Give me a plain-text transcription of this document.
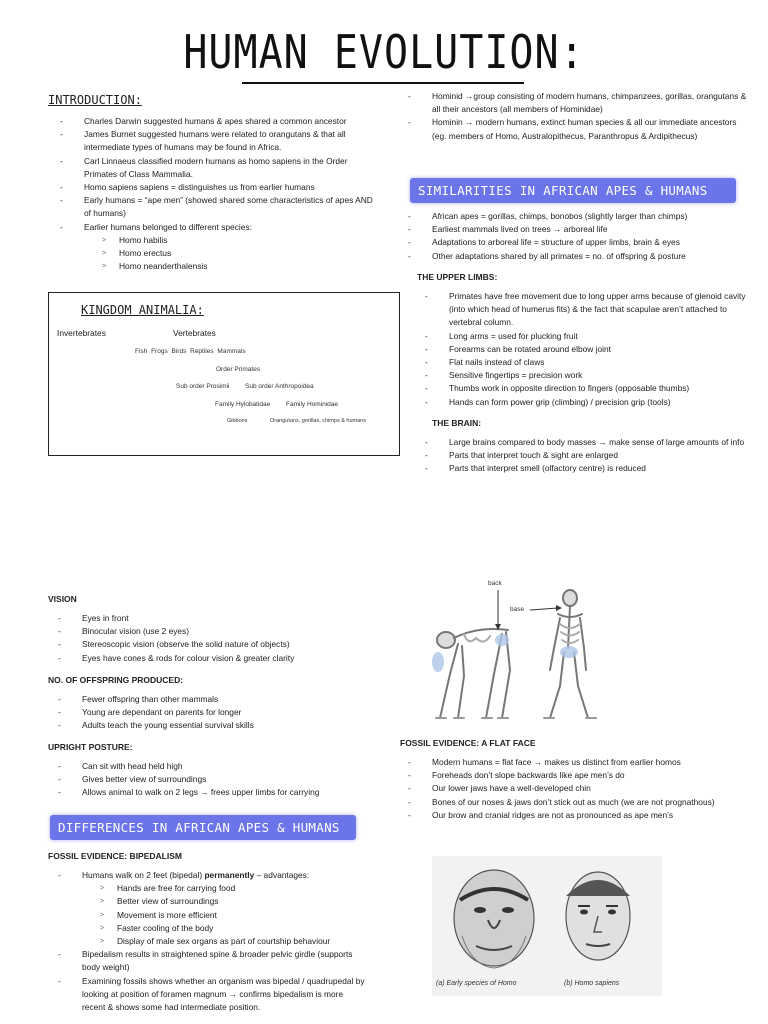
HUMAN EVOLUTION:
INTRODUCTION:
- Charles Darwin suggested humans & apes shared a common ancestor
- James Burnet suggested humans were related to orangutans & that all intermediate types of humans may be found in Africa.
- Carl Linnaeus classified modern humans as homo sapiens in the Order Primates of Class Mammalia.
- Homo sapiens sapiens = distinguishes us from earlier humans
- Early humans = “ape men” (showed shared some characteristics of apes AND of humans)
- Earlier humans belonged to different species:
> Homo habilis
> Homo erectus
> Homo neanderthalensis
KINGDOM ANIMALIA:
Invertebrates	Vertebrates
Fish Frogs Birds Reptiles Mammals
Order Primates
Sub order Prosimii Sub order Anthropoidea
Family Hylobatidae Family Hominidae
Gibbons	Orangutans, gorillas, chimps & humans
- Hominid →group consisting of modern humans, chimpanzees, gorillas, orangutans & all their ancestors (all members of Hominidae)
- Hominin → modern humans, extinct human species & all our immediate ancestors (eg. members of Homo, Australopithecus, Paranthropus & Ardipithecus)
SIMILARITIES IN AFRICAN APES & HUMANS
- African apes = gorillas, chimps, bonobos (slightly larger than chimps)
- Earliest mammals lived on trees → arboreal life
- Adaptations to arboreal life = structure of upper limbs, brain & eyes
- Other adaptations shared by all primates = no. of offspring & posture
THE UPPER LIMBS:
- Primates have free movement due to long upper arms because of glenoid cavity (into which head of humerus fits) & the fact that scapulae aren’t attached to vertebral column.
- Long arms = used for plucking fruit
- Forearms can be rotated around elbow joint
- Flat nails instead of claws
- Sensitive fingertips = precision work
- Thumbs work in opposite direction to fingers (opposable thumbs)
- Hands can form power grip (climbing) / precision grip (tools)
THE BRAIN:
- Large brains compared to body masses → make sense of large amounts of info
- Parts that interpret touch & sight are enlarged
- Parts that interpret smell (olfactory centre) is reduced
VISION
- Eyes in front
- Binocular vision (use 2 eyes)
- Stereoscopic vision (observe the solid nature of objects)
- Eyes have cones & rods for colour vision & greater clarity
NO. OF OFFSPRING PRODUCED:
- Fewer offspring than other mammals
- Young are dependant on parents for longer
- Adults teach the young essential survival skills
UPRIGHT POSTURE:
- Can sit with head held high
- Gives better view of surroundings
- Allows animal to walk on 2 legs → frees upper limbs for carrying
DIFFERENCES IN AFRICAN APES & HUMANS
FOSSIL EVIDENCE: BIPEDALISM
- Humans walk on 2 feet (bipedal) permanently – advantages:
> Hands are free for carrying food
> Better view of surroundings
> Movement is more efficient
> Faster cooling of the body
> Display of male sex organs as part of courtship behaviour
- Bipedalism results in straightened spine & broader pelvic girdle (supports body weight)
- Examining fossils shows whether an organism was bipedal / quadrupedal by looking at position of foramen magnum → confirms bipedalism is more recent & shows some had intermediate position.
back
base
FOSSIL EVIDENCE: A FLAT FACE
- Modern humans = flat face → makes us distinct from earlier homos
- Foreheads don’t slope backwards like ape men’s do
- Our lower jaws have a well-developed chin
- Bones of our noses & jaws don’t stick out as much (we are not prognathous)
- Our brow and cranial ridges are not as pronounced as ape men’s
(a) Early species of Homo	(b) Homo sapiens
